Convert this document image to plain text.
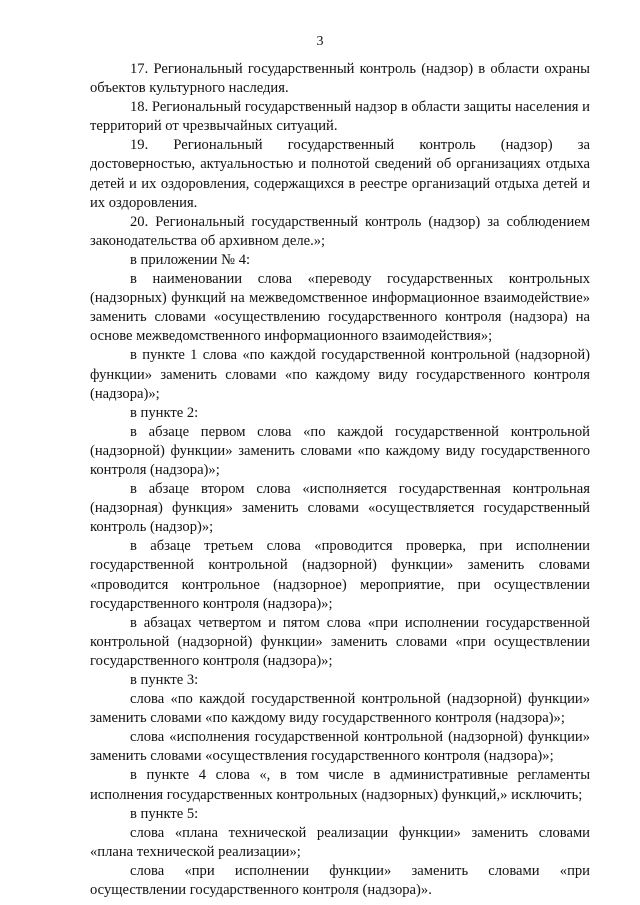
3

17. Региональный государственный контроль (надзор) в области охраны объектов культурного наследия.

18. Региональный государственный надзор в области защиты населения и территорий от чрезвычайных ситуаций.

19. Региональный государственный контроль (надзор) за достоверностью, актуальностью и полнотой сведений об организациях отдыха детей и их оздоровления, содержащихся в реестре организаций отдыха детей и их оздоровления.

20. Региональный государственный контроль (надзор) за соблюдением законодательства об архивном деле.»;

в приложении № 4:

в наименовании слова «переводу государственных контрольных (надзорных) функций на межведомственное информационное взаимодействие» заменить словами «осуществлению государственного контроля (надзора) на основе межведомственного информационного взаимодействия»;

в пункте 1 слова «по каждой государственной контрольной (надзорной) функции» заменить словами «по каждому виду государственного контроля (надзора)»;

в пункте 2:

в абзаце первом слова «по каждой государственной контрольной (надзорной) функции» заменить словами «по каждому виду государственного контроля (надзора)»;

в абзаце втором слова «исполняется государственная контрольная (надзорная) функция» заменить словами «осуществляется государственный контроль (надзор)»;

в абзаце третьем слова «проводится проверка, при исполнении государственной контрольной (надзорной) функции» заменить словами «проводится контрольное (надзорное) мероприятие, при осуществлении государственного контроля (надзора)»;

в абзацах четвертом и пятом слова «при исполнении государственной контрольной (надзорной) функции» заменить словами «при осуществлении государственного контроля (надзора)»;

в пункте 3:

слова «по каждой государственной контрольной (надзорной) функции» заменить словами «по каждому виду государственного контроля (надзора)»;

слова «исполнения государственной контрольной (надзорной) функции» заменить словами «осуществления государственного контроля (надзора)»;

в пункте 4 слова «, в том числе в административные регламенты исполнения государственных контрольных (надзорных) функций,» исключить;

в пункте 5:

слова «плана технической реализации функции» заменить словами «плана технической реализации»;

слова «при исполнении функции» заменить словами «при осуществлении государственного контроля (надзора)».
